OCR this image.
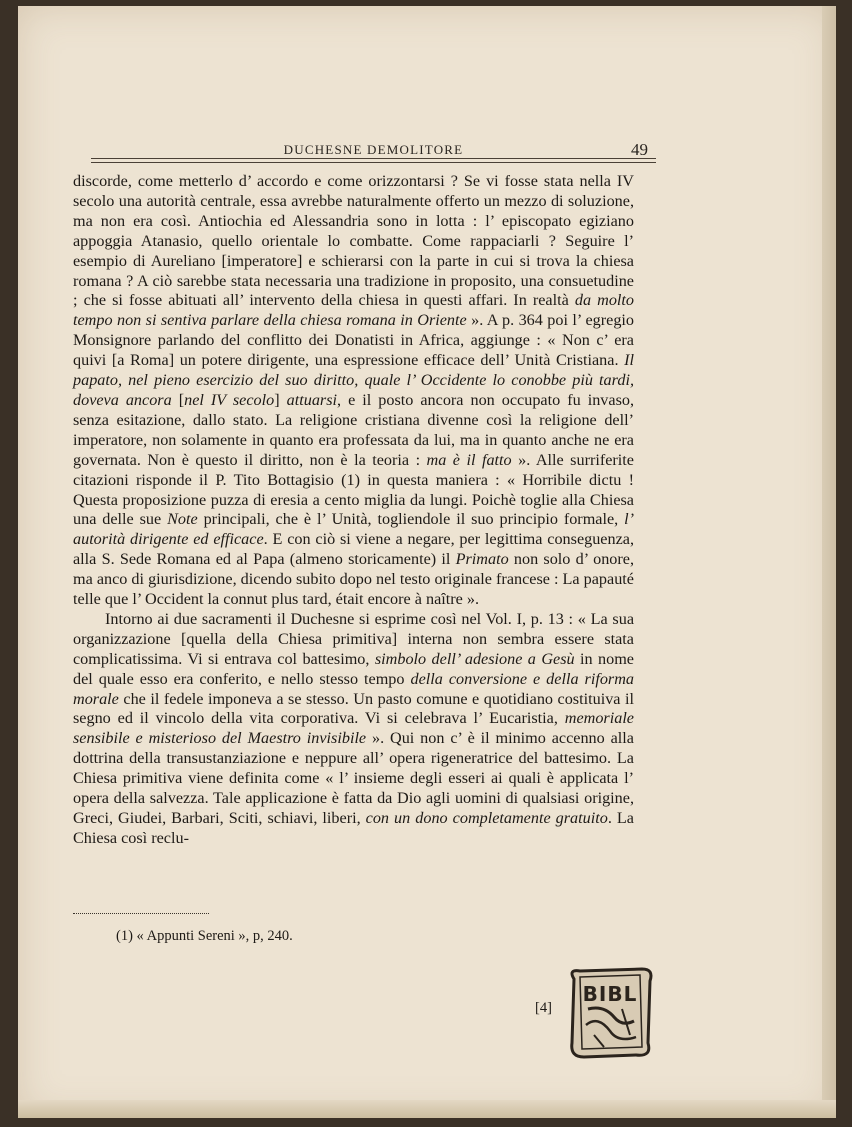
DUCHESNE DEMOLITORE	49

discorde, come metterlo d’ accordo e come orizzontarsi ? Se vi fosse stata nella IV secolo una autorità centrale, essa avrebbe naturalmente offerto un mezzo di soluzione, ma non era così. Antiochia ed Alessandria sono in lotta : l’ episcopato egiziano appoggia Atanasio, quello orientale lo combatte. Come rappaciarli ? Seguire l’ esempio di Aureliano [imperatore] e schierarsi con la parte in cui si trova la chiesa romana ? A ciò sarebbe stata necessaria una tradizione in proposito, una consuetudine ; che si fosse abituati all’ intervento della chiesa in questi affari. In realtà da molto tempo non si sentiva parlare della chiesa romana in Oriente ». A p. 364 poi l’ egregio Monsignore parlando del conflitto dei Donatisti in Africa, aggiunge : « Non c’ era quivi [a Roma] un potere dirigente, una espressione efficace dell’ Unità Cristiana. Il papato, nel pieno esercizio del suo diritto, quale l’ Occidente lo conobbe più tardi, doveva ancora [nel IV secolo] attuarsi, e il posto ancora non occupato fu invaso, senza esitazione, dallo stato. La religione cristiana divenne così la religione dell’ imperatore, non solamente in quanto era professata da lui, ma in quanto anche ne era governata. Non è questo il diritto, non è la teoria : ma è il fatto ». Alle surriferite citazioni risponde il P. Tito Bottagisio (1) in questa maniera : « Horribile dictu ! Questa proposizione puzza di eresia a cento miglia da lungi. Poichè toglie alla Chiesa una delle sue Note principali, che è l’ Unità, togliendole il suo principio formale, l’ autorità dirigente ed efficace. E con ciò si viene a negare, per legittima conseguenza, alla S. Sede Romana ed al Papa (almeno storicamente) il Primato non solo d’ onore, ma anco di giurisdizione, dicendo subito dopo nel testo originale francese : La papauté telle que l’ Occident la connut plus tard, était encore à naître ».

Intorno ai due sacramenti il Duchesne si esprime così nel Vol. I, p. 13 : « La sua organizzazione [quella della Chiesa primitiva] interna non sembra essere stata complicatissima. Vi si entrava col battesimo, simbolo dell’ adesione a Gesù in nome del quale esso era conferito, e nello stesso tempo della conversione e della riforma morale che il fedele imponeva a se stesso. Un pasto comune e quotidiano costituiva il segno ed il vincolo della vita corporativa. Vi si celebrava l’ Eucaristia, memoriale sensibile e misterioso del Maestro invisibile ». Qui non c’ è il minimo accenno alla dottrina della transustanziazione e neppure all’ opera rigeneratrice del battesimo. La Chiesa primitiva viene definita come « l’ insieme degli esseri ai quali è applicata l’ opera della salvezza. Tale applicazione è fatta da Dio agli uomini di qualsiasi origine, Greci, Giudei, Barbari, Sciti, schiavi, liberi, con un dono completamente gratuito. La Chiesa così reclu-

(1) « Appunti Sereni », p, 240.
[4]
BIBL
